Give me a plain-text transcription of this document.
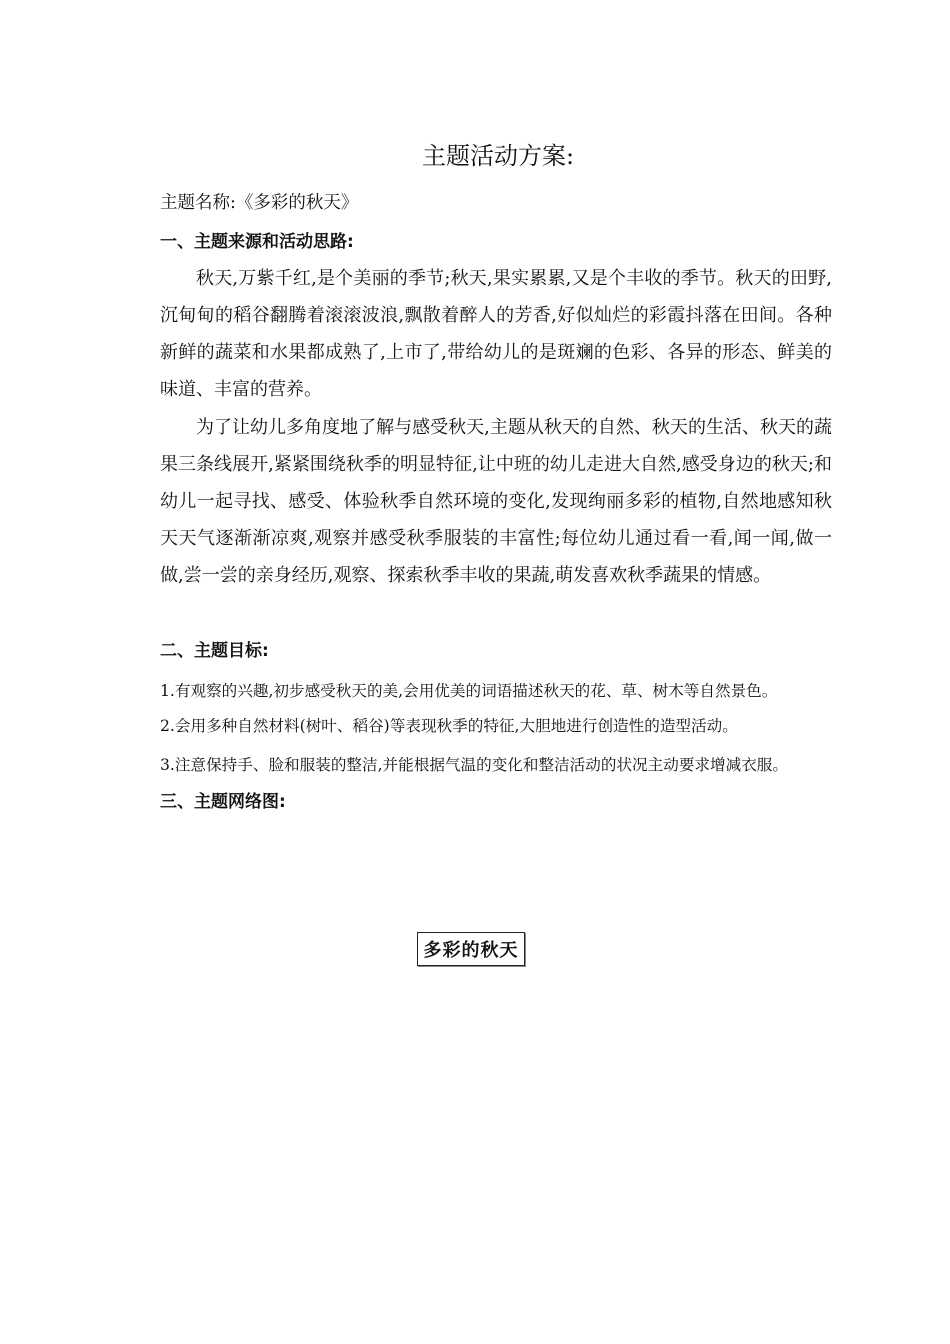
主题活动方案:
主题名称:《多彩的秋天》
一、主题来源和活动思路:

秋天,万紫千红,是个美丽的季节;秋天,果实累累,又是个丰收的季节。秋天的田野,沉甸甸的稻谷翻腾着滚滚波浪,飘散着醉人的芳香,好似灿烂的彩霞抖落在田间。各种新鲜的蔬菜和水果都成熟了,上市了,带给幼儿的是斑斓的色彩、各异的形态、鲜美的味道、丰富的营养。

为了让幼儿多角度地了解与感受秋天,主题从秋天的自然、秋天的生活、秋天的蔬果三条线展开,紧紧围绕秋季的明显特征,让中班的幼儿走进大自然,感受身边的秋天;和幼儿一起寻找、感受、体验秋季自然环境的变化,发现绚丽多彩的植物,自然地感知秋天天气逐渐渐凉爽,观察并感受秋季服装的丰富性;每位幼儿通过看一看,闻一闻,做一做,尝一尝的亲身经历,观察、探索秋季丰收的果蔬,萌发喜欢秋季蔬果的情感。

二、主题目标:
1.有观察的兴趣,初步感受秋天的美,会用优美的词语描述秋天的花、草、树木等自然景色。
2.会用多种自然材料(树叶、稻谷)等表现秋季的特征,大胆地进行创造性的造型活动。
3.注意保持手、脸和服装的整洁,并能根据气温的变化和整洁活动的状况主动要求增减衣服。
三、主题网络图:
多彩的秋天
